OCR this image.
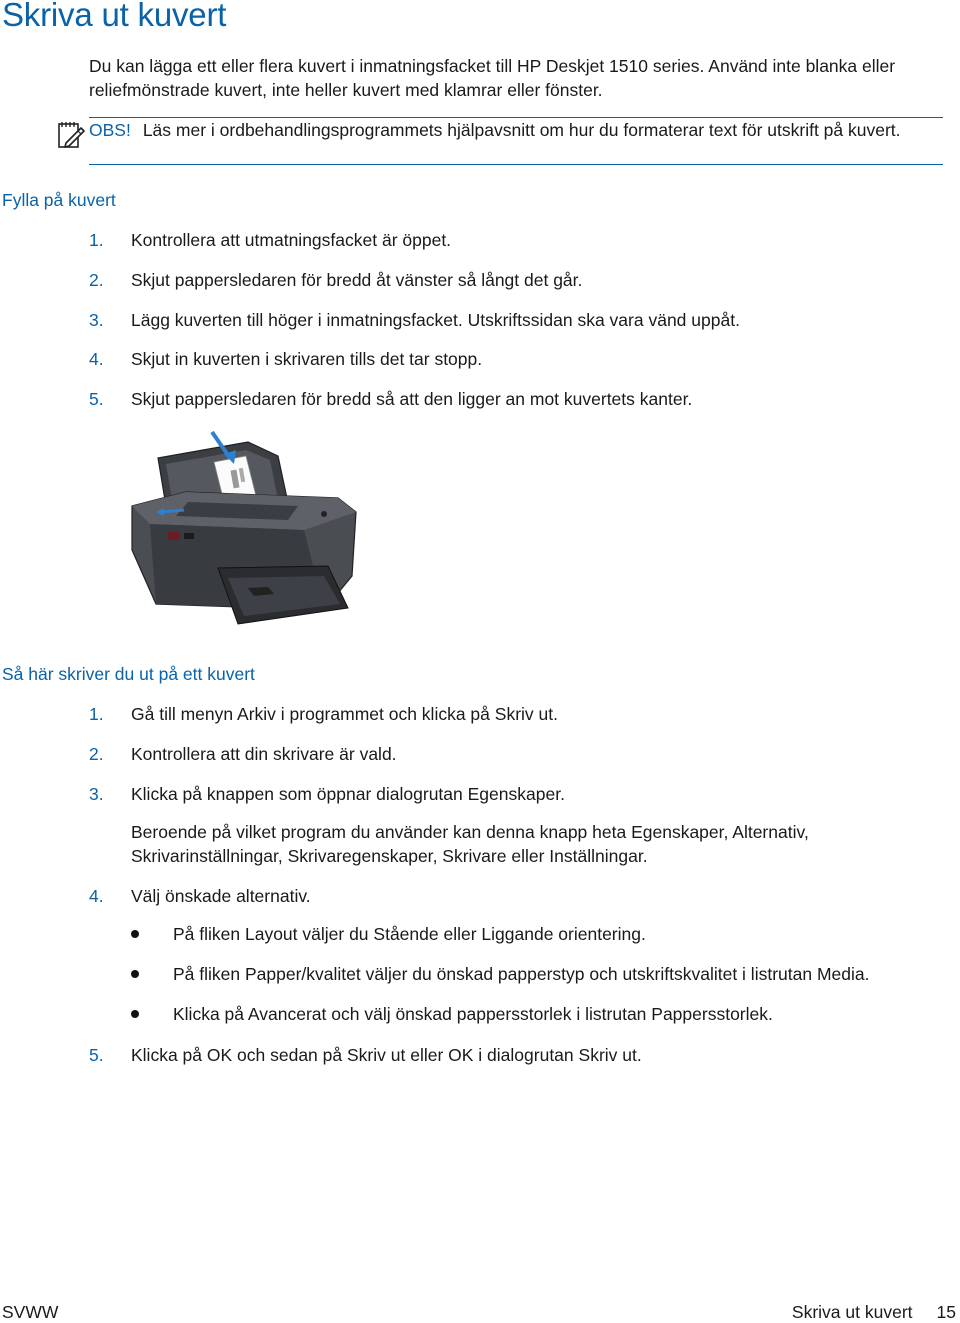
Skriva ut kuvert

Du kan lägga ett eller flera kuvert i inmatningsfacket till HP Deskjet 1510 series. Använd inte blanka eller reliefmönstrade kuvert, inte heller kuvert med klamrar eller fönster.

OBS! Läs mer i ordbehandlingsprogrammets hjälpavsnitt om hur du formaterar text för utskrift på kuvert.

Fylla på kuvert
1. Kontrollera att utmatningsfacket är öppet.
2. Skjut pappersledaren för bredd åt vänster så långt det går.
3. Lägg kuverten till höger i inmatningsfacket. Utskriftssidan ska vara vänd uppåt.
4. Skjut in kuverten i skrivaren tills det tar stopp.
5. Skjut pappersledaren för bredd så att den ligger an mot kuvertets kanter.
Så här skriver du ut på ett kuvert
1. Gå till menyn Arkiv i programmet och klicka på Skriv ut.
2. Kontrollera att din skrivare är vald.
3. Klicka på knappen som öppnar dialogrutan Egenskaper.
4. Välj önskade alternativ.
5. Klicka på OK och sedan på Skriv ut eller OK i dialogrutan Skriv ut.

Beroende på vilket program du använder kan denna knapp heta Egenskaper, Alternativ,
Skrivarinställningar, Skrivaregenskaper, Skrivare eller Inställningar.

På fliken Layout väljer du Stående eller Liggande orientering.
På fliken Papper/kvalitet väljer du önskad papperstyp och utskriftskvalitet i listrutan Media.
Klicka på Avancerat och välj önskad pappersstorlek i listrutan Pappersstorlek.
SVWW	Skriva ut kuvert 15
